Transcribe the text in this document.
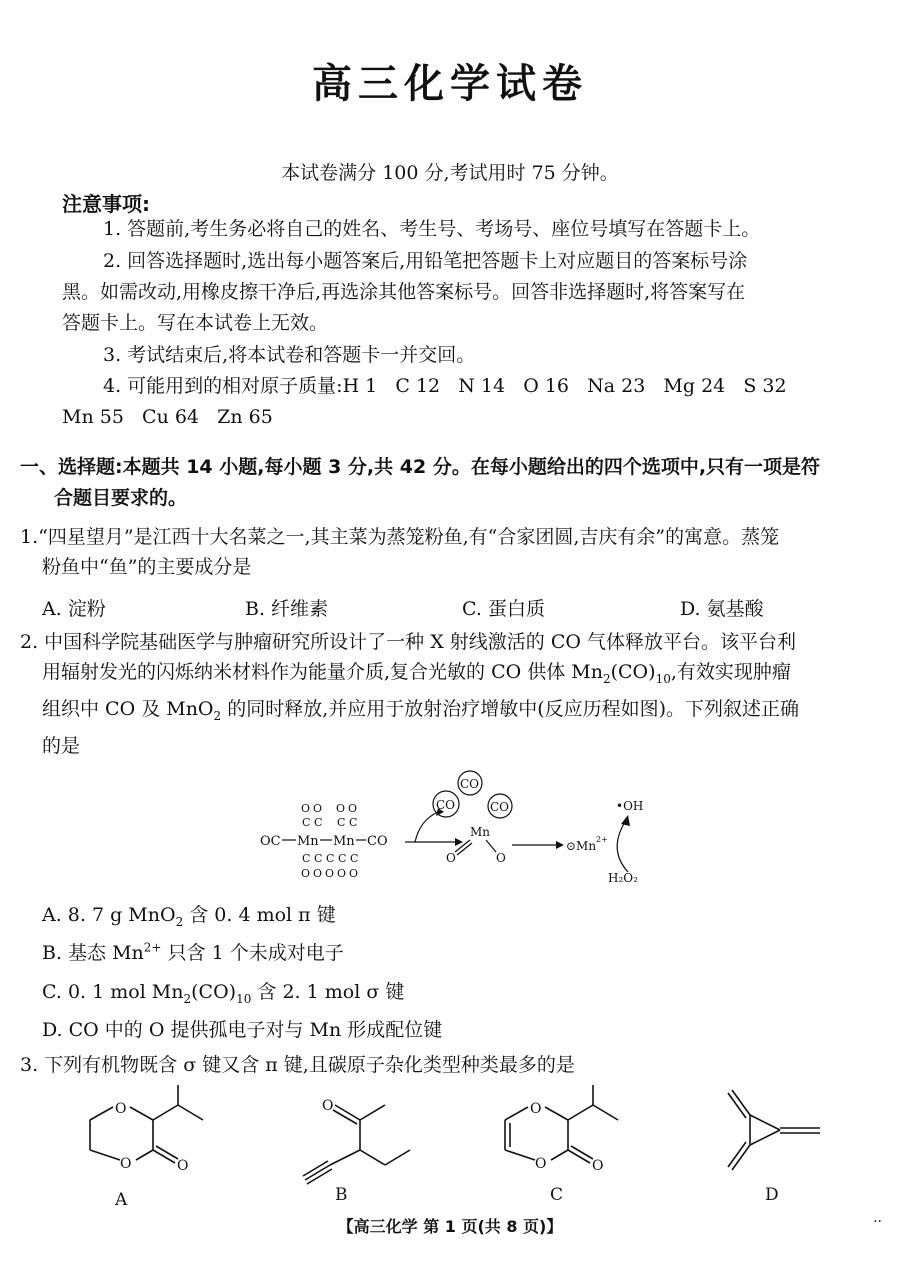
高三化学试卷
本试卷满分 100 分,考试用时 75 分钟。
注意事项:
1. 答题前,考生务必将自己的姓名、考生号、考场号、座位号填写在答题卡上。
2. 回答选择题时,选出每小题答案后,用铅笔把答题卡上对应题目的答案标号涂
黑。如需改动,用橡皮擦干净后,再选涂其他答案标号。回答非选择题时,将答案写在
答题卡上。写在本试卷上无效。
3. 考试结束后,将本试卷和答题卡一并交回。
4. 可能用到的相对原子质量:H 1   C 12   N 14   O 16   Na 23   Mg 24   S 32
Mn 55   Cu 64   Zn 65
一、选择题:本题共 14 小题,每小题 3 分,共 42 分。在每小题给出的四个选项中,只有一项是符
合题目要求的。
1.“四星望月”是江西十大名菜之一,其主菜为蒸笼粉鱼,有“合家团圆,吉庆有余”的寓意。蒸笼
粉鱼中“鱼”的主要成分是
A. 淀粉	B. 纤维素	C. 蛋白质	D. 氨基酸
2. 中国科学院基础医学与肿瘤研究所设计了一种 X 射线激活的 CO 气体释放平台。该平台利
用辐射发光的闪烁纳米材料作为能量介质,复合光敏的 CO 供体 $Mn_2(CO)_{10}$,有效实现肿瘤
组织中 CO 及 MnO$_2$ 的同时释放,并应用于放射治疗增敏中(反应历程如图)。下列叙述正确
的是
OC Mn Mn CO
O O O O
C C C C
C C C C C
O O O O O
CO
CO
CO
Mn
O	O
⊙Mn 2+
•OH
H₂O₂
A. 8. 7 g MnO$_2$ 含 0. 4 mol π 键
B. 基态 $Mn^{2+}$ 只含 1 个未成对电子
C. 0. 1 mol $Mn_2(CO)_{10}$ 含 2. 1 mol σ 键
D. CO 中的 O 提供孤电子对与 Mn 形成配位键
3. 下列有机物既含 σ 键又含 π 键,且碳原子杂化类型种类最多的是
O
O	O
A
O
B
O
O	O
C	D
【高三化学 第 1 页(共 8 页)】	··
